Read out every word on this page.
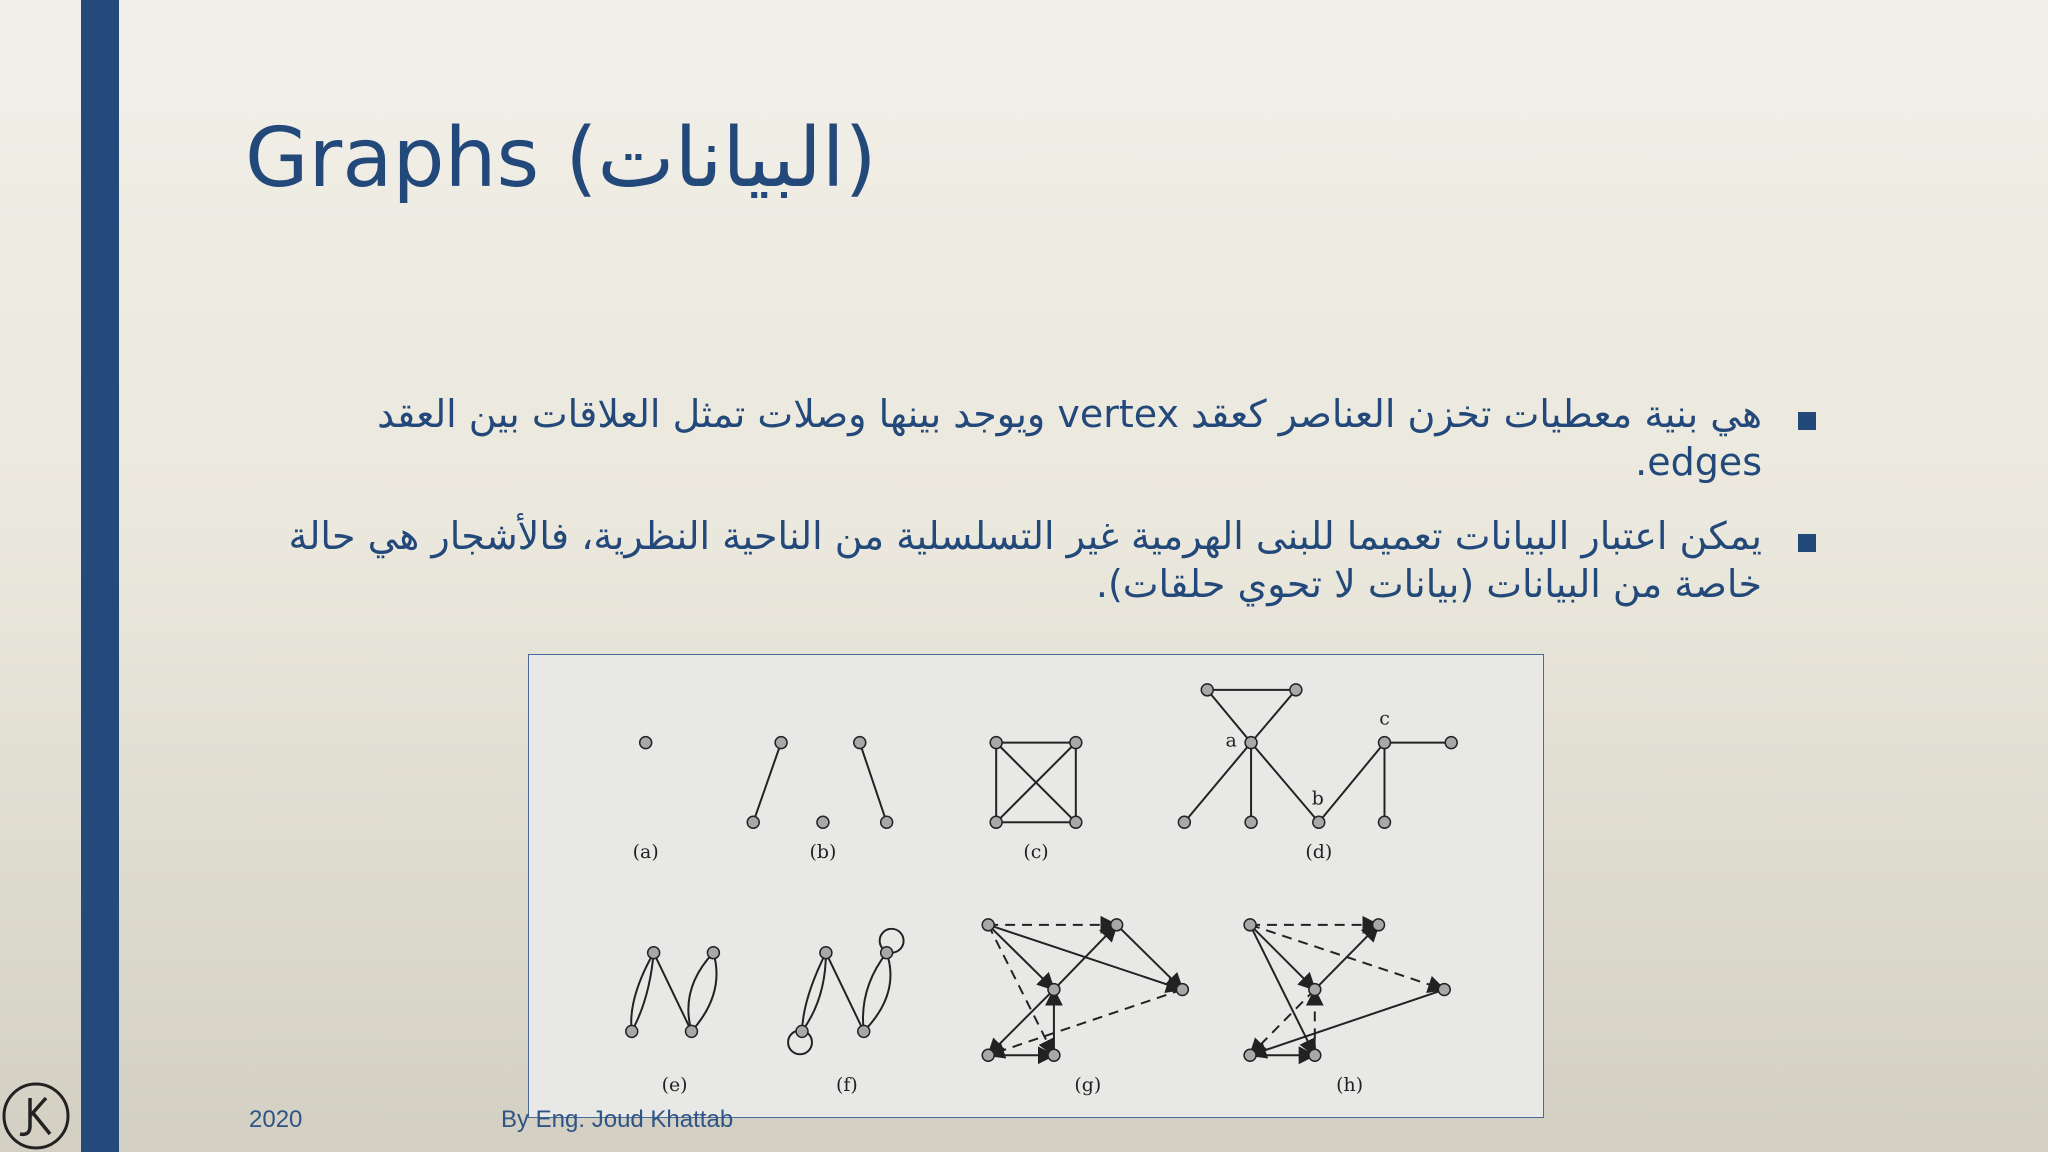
Graphs (البيانات)
هي بنية معطيات تخزن العناصر كعقد vertex ويوجد بينها وصلات تمثل العلاقات بين العقد edges.
يمكن اعتبار البيانات تعميما للبنى الهرمية غير التسلسلية من الناحية النظرية، فالأشجار هي حالة خاصة من البيانات (بيانات لا تحوي حلقات).
(a)	(b)	(c)	(d)
(e)	(f)	(g)	(h)
a
b
c
2020	By Eng. Joud Khattab
